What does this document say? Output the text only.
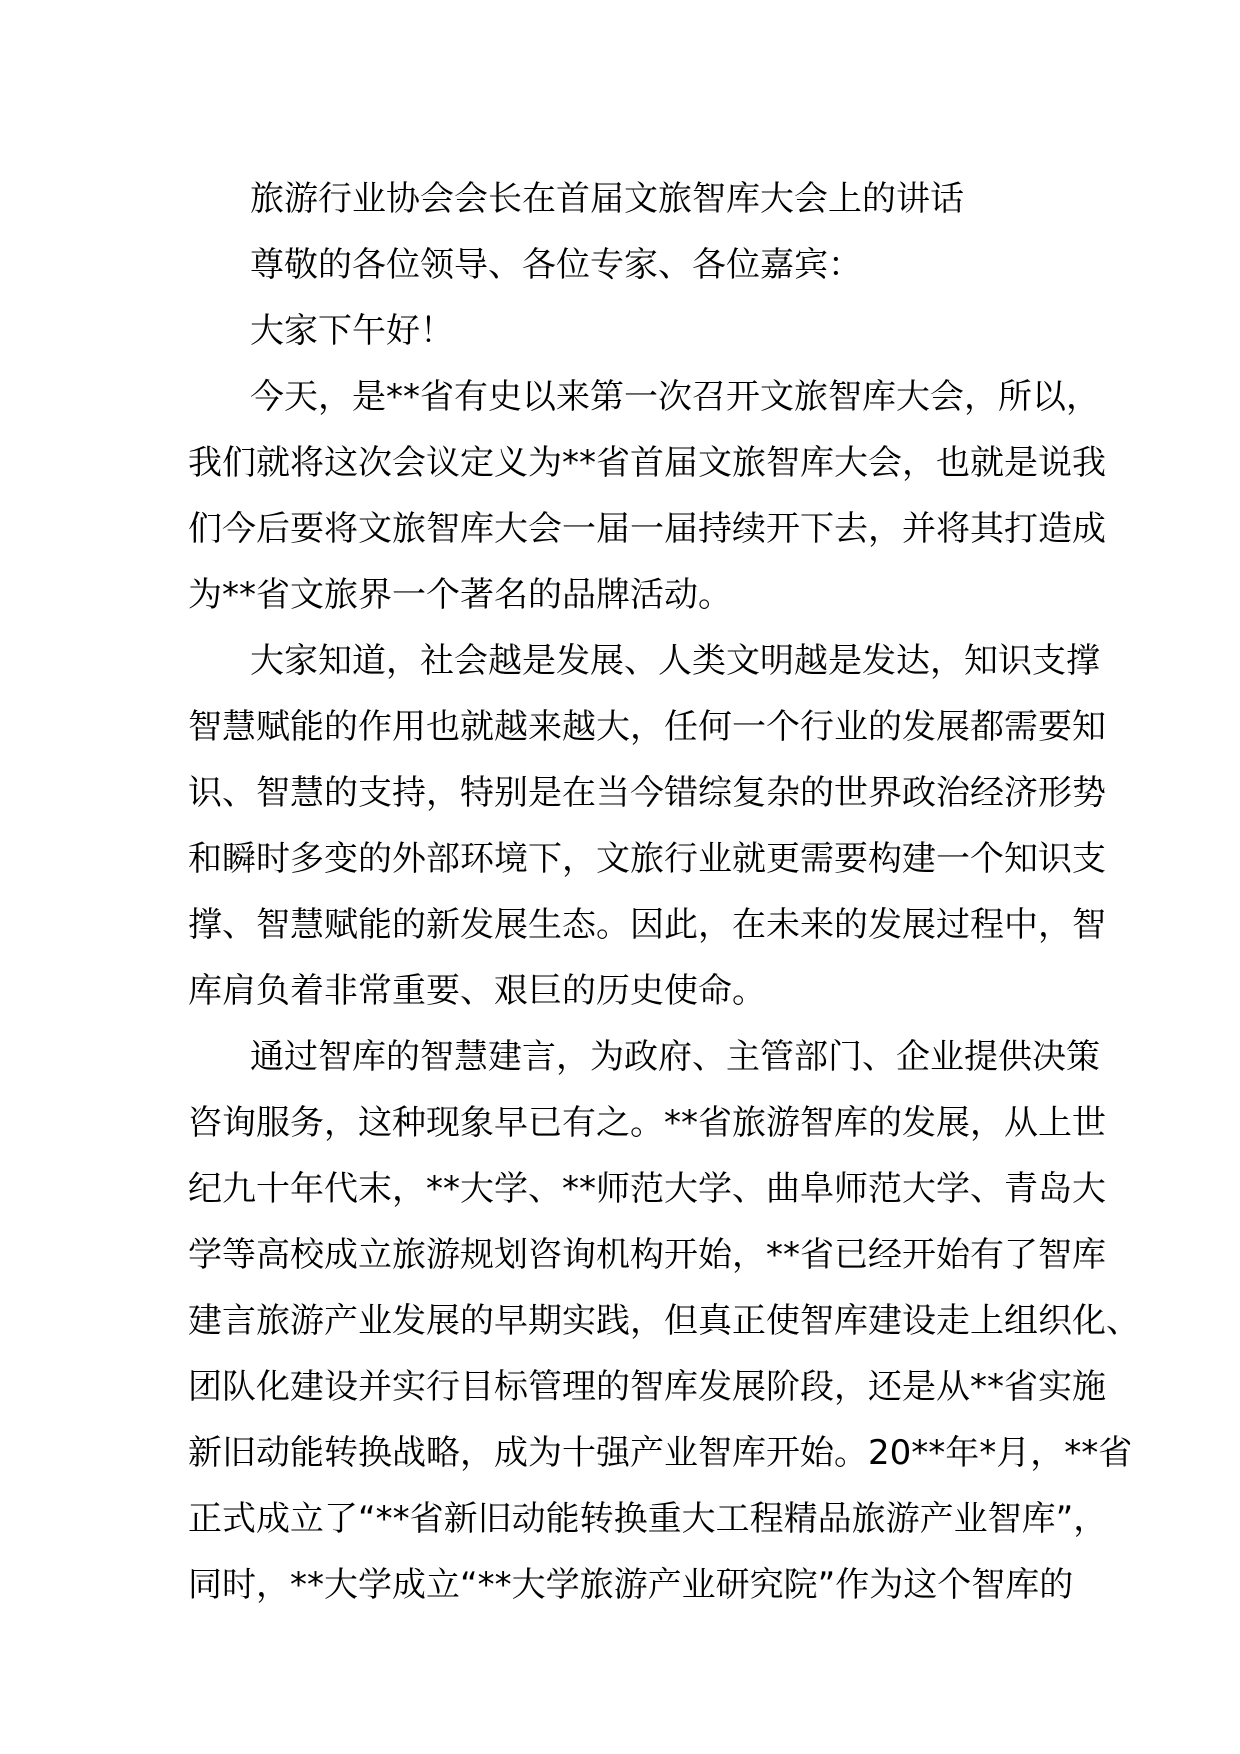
旅游行业协会会长在首届文旅智库大会上的讲话
尊敬的各位领导、各位专家、各位嘉宾：
大家下午好！
今天，是**省有史以来第一次召开文旅智库大会，所以，
我们就将这次会议定义为**省首届文旅智库大会，也就是说我
们今后要将文旅智库大会一届一届持续开下去，并将其打造成
为**省文旅界一个著名的品牌活动。
大家知道，社会越是发展、人类文明越是发达，知识支撑
智慧赋能的作用也就越来越大，任何一个行业的发展都需要知
识、智慧的支持，特别是在当今错综复杂的世界政治经济形势
和瞬时多变的外部环境下，文旅行业就更需要构建一个知识支
撑、智慧赋能的新发展生态。因此，在未来的发展过程中，智
库肩负着非常重要、艰巨的历史使命。
通过智库的智慧建言，为政府、主管部门、企业提供决策
咨询服务，这种现象早已有之。**省旅游智库的发展，从上世
纪九十年代末，**大学、**师范大学、曲阜师范大学、青岛大
学等高校成立旅游规划咨询机构开始，**省已经开始有了智库
建言旅游产业发展的早期实践，但真正使智库建设走上组织化、
团队化建设并实行目标管理的智库发展阶段，还是从**省实施
新旧动能转换战略，成为十强产业智库开始。20**年*月，**省
正式成立了“**省新旧动能转换重大工程精品旅游产业智库”，
同时，**大学成立“**大学旅游产业研究院”作为这个智库的
